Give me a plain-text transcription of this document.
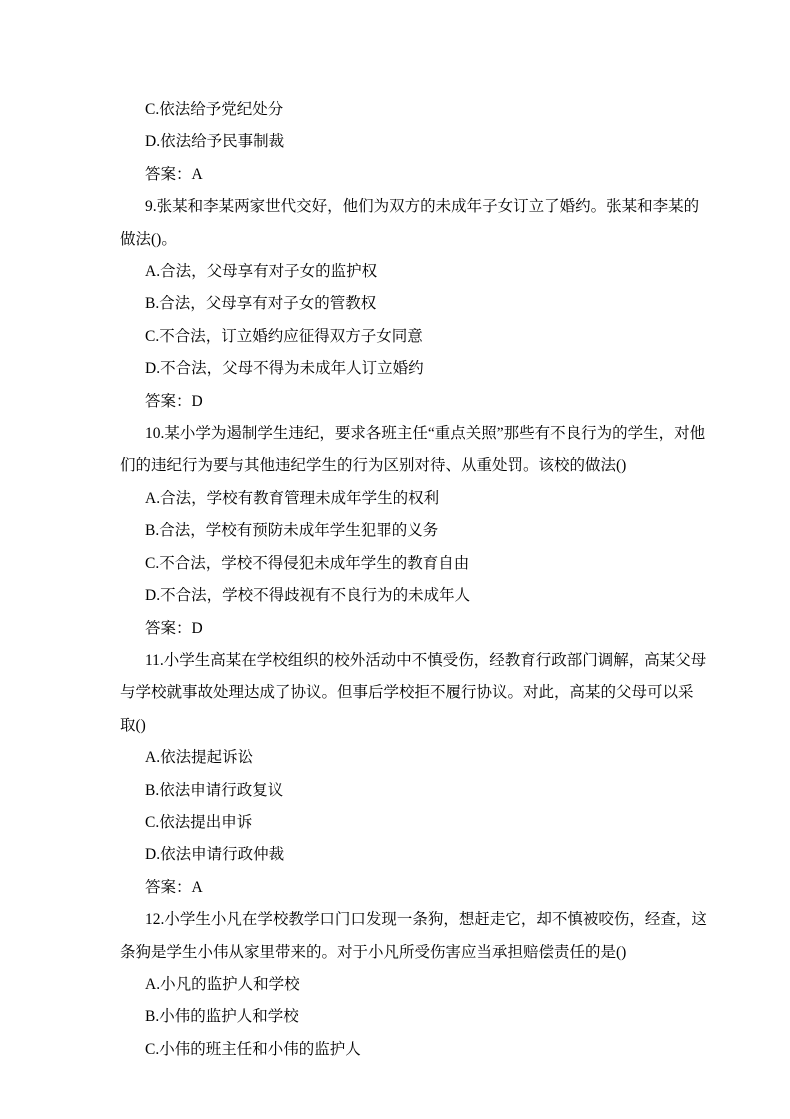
C.依法给予党纪处分

D.依法给予民事制裁

答案：A

9.张某和李某两家世代交好，他们为双方的未成年子女订立了婚约。张某和李某的做法()。

A.合法，父母享有对子女的监护权

B.合法，父母享有对子女的管教权

C.不合法，订立婚约应征得双方子女同意

D.不合法，父母不得为未成年人订立婚约

答案：D

10.某小学为遏制学生违纪，要求各班主任“重点关照”那些有不良行为的学生，对他们的违纪行为要与其他违纪学生的行为区别对待、从重处罚。该校的做法()

A.合法，学校有教育管理未成年学生的权利

B.合法，学校有预防未成年学生犯罪的义务

C.不合法，学校不得侵犯未成年学生的教育自由

D.不合法，学校不得歧视有不良行为的未成年人

答案：D

11.小学生高某在学校组织的校外活动中不慎受伤，经教育行政部门调解，高某父母与学校就事故处理达成了协议。但事后学校拒不履行协议。对此，高某的父母可以采取()

A.依法提起诉讼

B.依法申请行政复议

C.依法提出申诉

D.依法申请行政仲裁

答案：A

12.小学生小凡在学校教学口门口发现一条狗，想赶走它，却不慎被咬伤，经查，这条狗是学生小伟从家里带来的。对于小凡所受伤害应当承担赔偿责任的是()

A.小凡的监护人和学校

B.小伟的监护人和学校

C.小伟的班主任和小伟的监护人
